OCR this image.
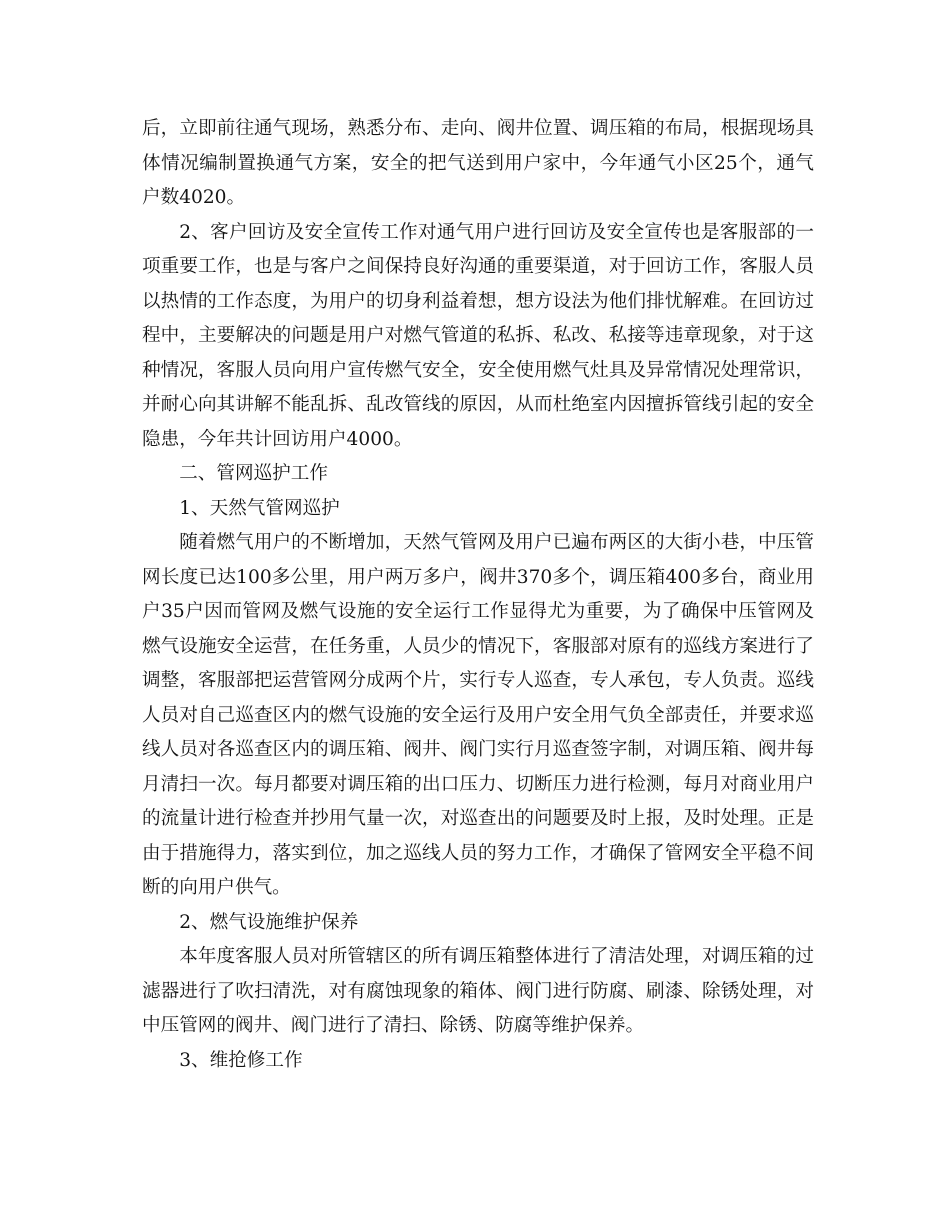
后，立即前往通气现场，熟悉分布、走向、阀井位置、调压箱的布局，根据现场具体情况编制置换通气方案，安全的把气送到用户家中，今年通气小区25个，通气户数4020。

2、客户回访及安全宣传工作对通气用户进行回访及安全宣传也是客服部的一项重要工作，也是与客户之间保持良好沟通的重要渠道，对于回访工作，客服人员以热情的工作态度，为用户的切身利益着想，想方设法为他们排忧解难。在回访过程中，主要解决的问题是用户对燃气管道的私拆、私改、私接等违章现象，对于这种情况，客服人员向用户宣传燃气安全，安全使用燃气灶具及异常情况处理常识，并耐心向其讲解不能乱拆、乱改管线的原因，从而杜绝室内因擅拆管线引起的安全隐患，今年共计回访用户4000。

二、管网巡护工作

1、天然气管网巡护

随着燃气用户的不断增加，天然气管网及用户已遍布两区的大街小巷，中压管网长度已达100多公里，用户两万多户，阀井370多个，调压箱400多台，商业用户35户因而管网及燃气设施的安全运行工作显得尤为重要，为了确保中压管网及燃气设施安全运营，在任务重，人员少的情况下，客服部对原有的巡线方案进行了调整，客服部把运营管网分成两个片，实行专人巡查，专人承包，专人负责。巡线人员对自己巡查区内的燃气设施的安全运行及用户安全用气负全部责任，并要求巡线人员对各巡查区内的调压箱、阀井、阀门实行月巡查签字制，对调压箱、阀井每月清扫一次。每月都要对调压箱的出口压力、切断压力进行检测，每月对商业用户的流量计进行检查并抄用气量一次，对巡查出的问题要及时上报，及时处理。正是由于措施得力，落实到位，加之巡线人员的努力工作，才确保了管网安全平稳不间断的向用户供气。

2、燃气设施维护保养

本年度客服人员对所管辖区的所有调压箱整体进行了清洁处理，对调压箱的过滤器进行了吹扫清洗，对有腐蚀现象的箱体、阀门进行防腐、刷漆、除锈处理，对中压管网的阀井、阀门进行了清扫、除锈、防腐等维护保养。

3、维抢修工作
